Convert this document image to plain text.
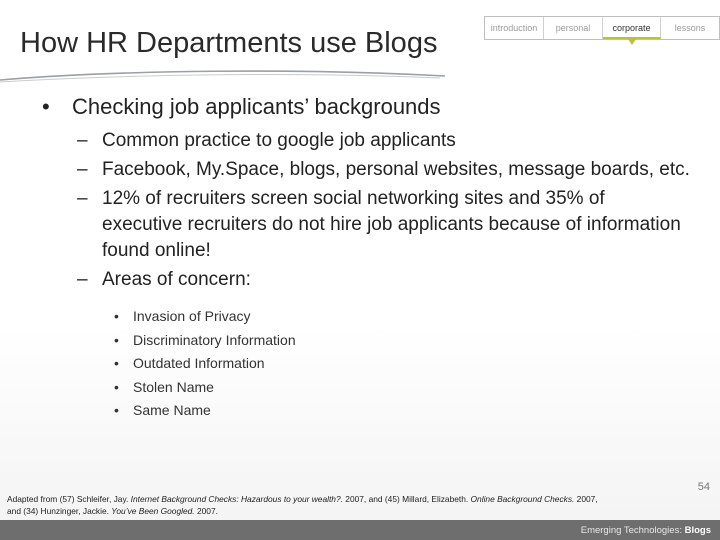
How HR Departments use Blogs	introduction	personal	corporate	lessons
• Checking job applicants’ backgrounds
– Common practice to google job applicants
– Facebook, My.Space, blogs, personal websites, message boards, etc.
– 12% of recruiters screen social networking sites and 35% of executive recruiters do not hire job applicants because of information found online!
– Areas of concern:
• Invasion of Privacy
• Discriminatory Information
• Outdated Information
• Stolen Name
• Same Name
Adapted from (57) Schleifer, Jay. Internet Background Checks: Hazardous to your wealth?. 2007, and (45) Millard, Elizabeth. Online Background Checks. 2007,
and (34) Hunzinger, Jackie. You’ve Been Googled. 2007.
54
Emerging Technologies: Blogs
